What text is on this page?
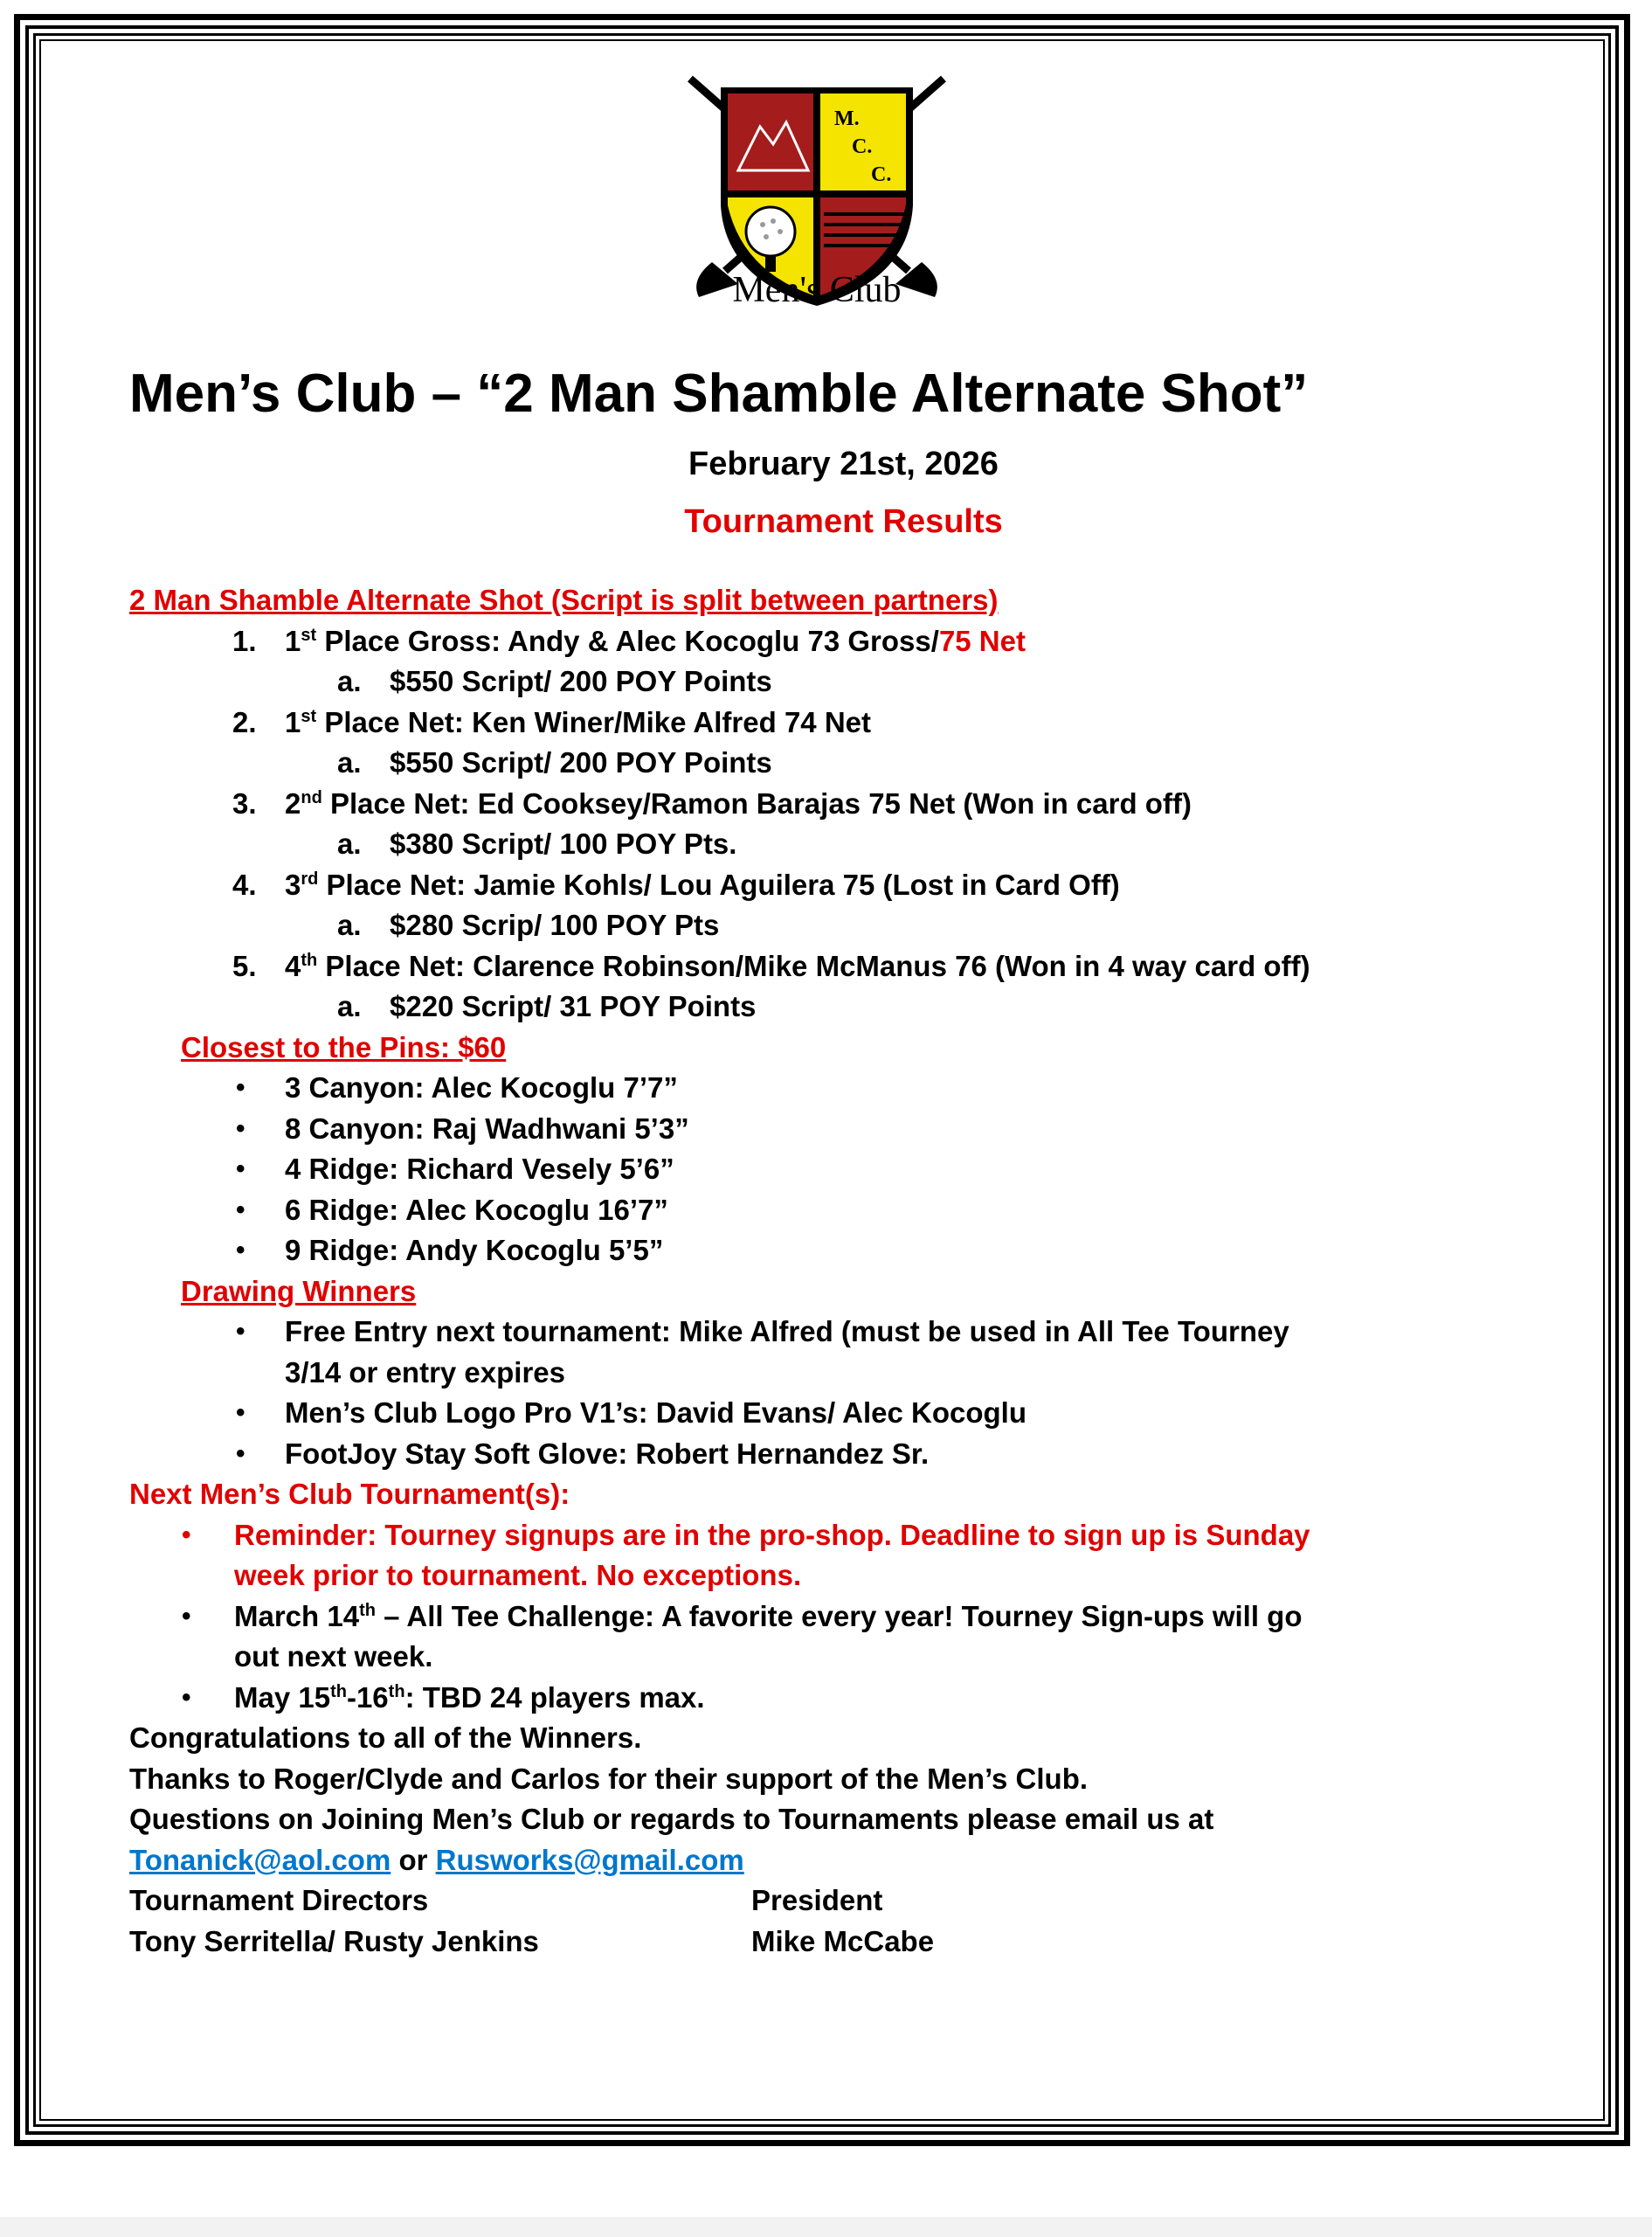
M.
C.
C.
Men's Club
Men’s Club – “2 Man Shamble Alternate Shot”
February 21st, 2026
Tournament Results
2 Man Shamble Alternate Shot (Script is split between partners)
1. 1st Place Gross: Andy & Alec Kocoglu 73 Gross/75 Net
a. $550 Script/ 200 POY Points
2. 1st Place Net: Ken Winer/Mike Alfred 74 Net
a. $550 Script/ 200 POY Points
3. 2nd Place Net: Ed Cooksey/Ramon Barajas 75 Net (Won in card off)
a. $380 Script/ 100 POY Pts.
4. 3rd Place Net: Jamie Kohls/ Lou Aguilera 75 (Lost in Card Off)
a. $280 Scrip/ 100 POY Pts
5. 4th Place Net: Clarence Robinson/Mike McManus 76 (Won in 4 way card off)
a. $220 Script/ 31 POY Points
Closest to the Pins: $60
• 3 Canyon: Alec Kocoglu 7’7”
• 8 Canyon: Raj Wadhwani 5’3”
• 4 Ridge: Richard Vesely 5’6”
• 6 Ridge: Alec Kocoglu 16’7”
• 9 Ridge: Andy Kocoglu 5’5”
Drawing Winners
• Free Entry next tournament: Mike Alfred (must be used in All Tee Tourney
3/14 or entry expires
• Men’s Club Logo Pro V1’s: David Evans/ Alec Kocoglu
• FootJoy Stay Soft Glove: Robert Hernandez Sr.
Next Men’s Club Tournament(s):
• Reminder: Tourney signups are in the pro-shop. Deadline to sign up is Sunday
week prior to tournament. No exceptions.
• March 14th – All Tee Challenge: A favorite every year! Tourney Sign-ups will go
out next week.
• May 15th-16th: TBD 24 players max.
Congratulations to all of the Winners.
Thanks to Roger/Clyde and Carlos for their support of the Men’s Club.
Questions on Joining Men’s Club or regards to Tournaments please email us at
Tonanick@aol.com or Rusworks@gmail.com
Tournament Directors	President
Tony Serritella/ Rusty Jenkins	Mike McCabe
